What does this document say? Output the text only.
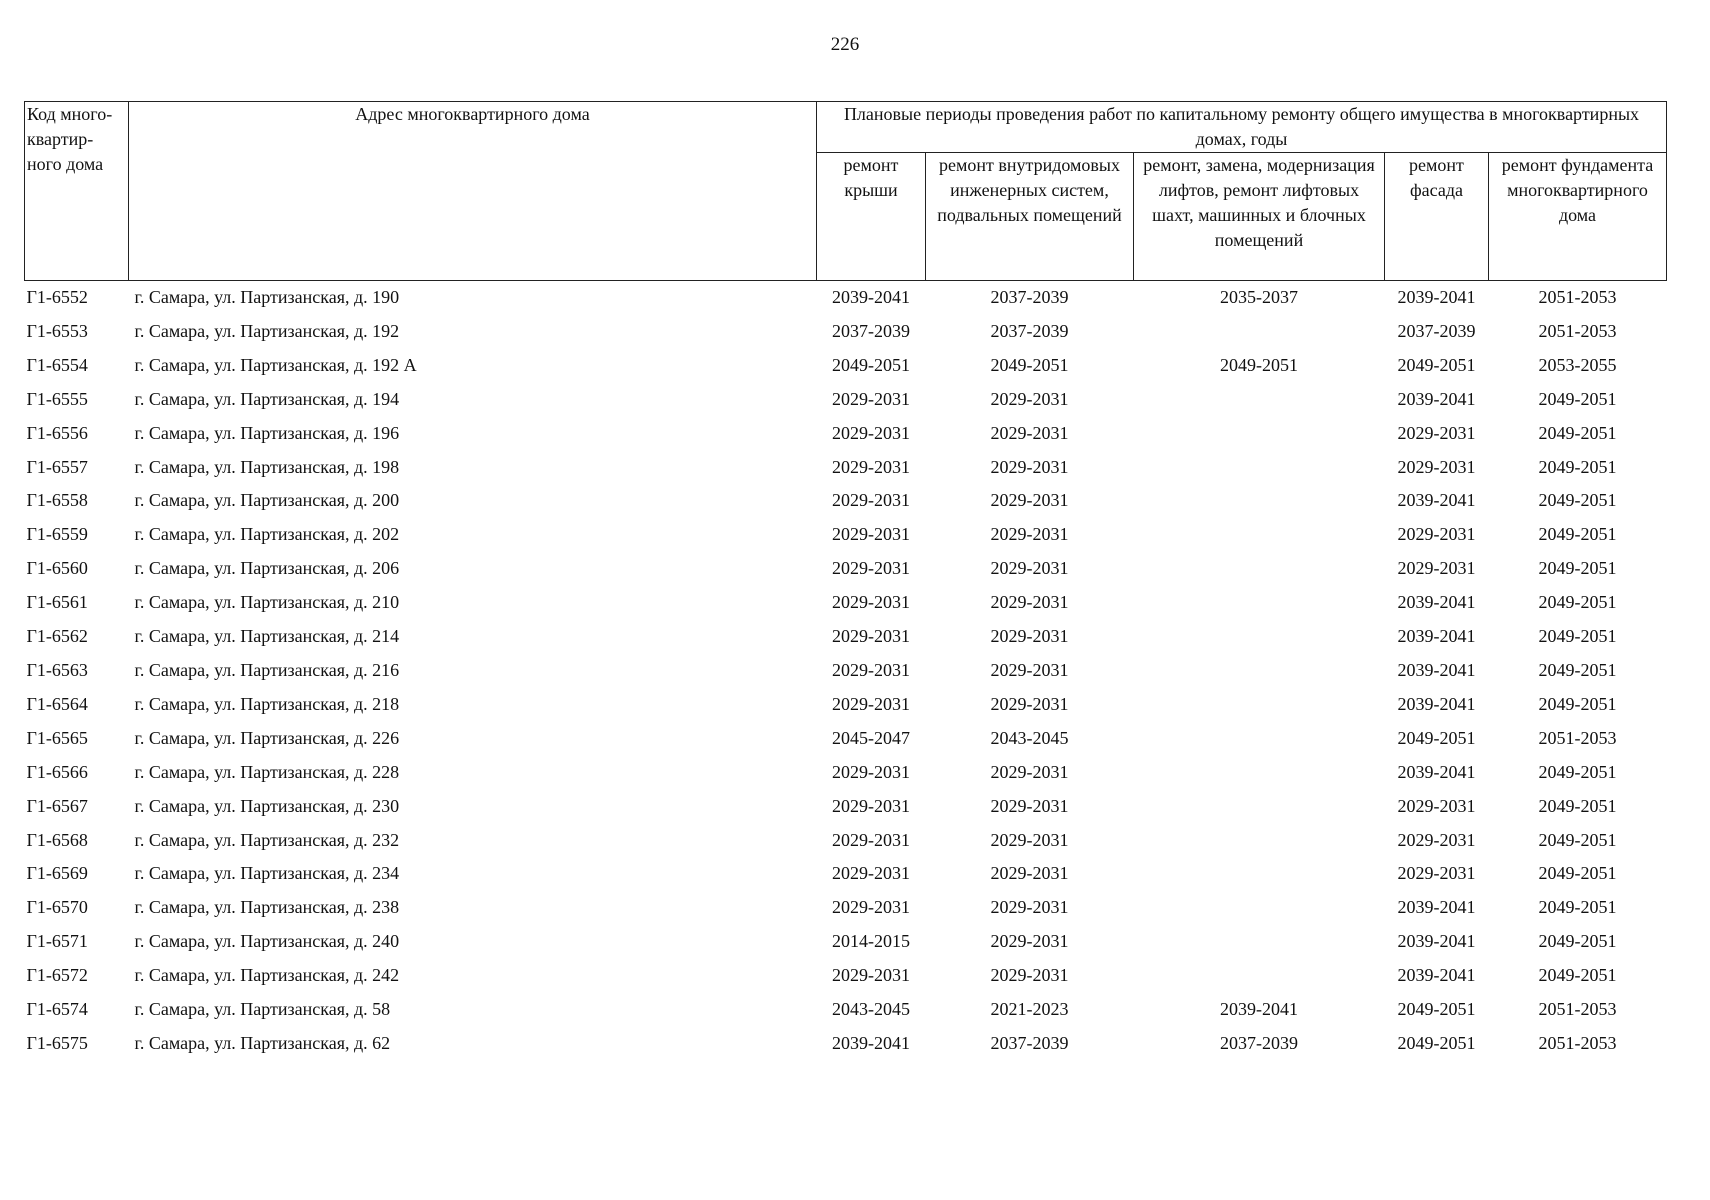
226
Код много-квартир-ного дома	Адрес многоквартирного дома	Плановые периоды проведения работ по капитальному ремонту общего имущества в многоквартирных домах, годы				
		ремонт крыши	ремонт внутридомовых инженерных систем, подвальных помещений	ремонт, замена, модернизация лифтов, ремонт лифтовых шахт, машинных и блочных помещений	ремонт фасада	ремонт фундамента многоквартирного дома
Г1-6552	г. Самара, ул. Партизанская, д. 190	2039-2041	2037-2039	2035-2037	2039-2041	2051-2053
Г1-6553	г. Самара, ул. Партизанская, д. 192	2037-2039	2037-2039		2037-2039	2051-2053
Г1-6554	г. Самара, ул. Партизанская, д. 192 А	2049-2051	2049-2051	2049-2051	2049-2051	2053-2055
Г1-6555	г. Самара, ул. Партизанская, д. 194	2029-2031	2029-2031		2039-2041	2049-2051
Г1-6556	г. Самара, ул. Партизанская, д. 196	2029-2031	2029-2031		2029-2031	2049-2051
Г1-6557	г. Самара, ул. Партизанская, д. 198	2029-2031	2029-2031		2029-2031	2049-2051
Г1-6558	г. Самара, ул. Партизанская, д. 200	2029-2031	2029-2031		2039-2041	2049-2051
Г1-6559	г. Самара, ул. Партизанская, д. 202	2029-2031	2029-2031		2029-2031	2049-2051
Г1-6560	г. Самара, ул. Партизанская, д. 206	2029-2031	2029-2031		2029-2031	2049-2051
Г1-6561	г. Самара, ул. Партизанская, д. 210	2029-2031	2029-2031		2039-2041	2049-2051
Г1-6562	г. Самара, ул. Партизанская, д. 214	2029-2031	2029-2031		2039-2041	2049-2051
Г1-6563	г. Самара, ул. Партизанская, д. 216	2029-2031	2029-2031		2039-2041	2049-2051
Г1-6564	г. Самара, ул. Партизанская, д. 218	2029-2031	2029-2031		2039-2041	2049-2051
Г1-6565	г. Самара, ул. Партизанская, д. 226	2045-2047	2043-2045		2049-2051	2051-2053
Г1-6566	г. Самара, ул. Партизанская, д. 228	2029-2031	2029-2031		2039-2041	2049-2051
Г1-6567	г. Самара, ул. Партизанская, д. 230	2029-2031	2029-2031		2029-2031	2049-2051
Г1-6568	г. Самара, ул. Партизанская, д. 232	2029-2031	2029-2031		2029-2031	2049-2051
Г1-6569	г. Самара, ул. Партизанская, д. 234	2029-2031	2029-2031		2029-2031	2049-2051
Г1-6570	г. Самара, ул. Партизанская, д. 238	2029-2031	2029-2031		2039-2041	2049-2051
Г1-6571	г. Самара, ул. Партизанская, д. 240	2014-2015	2029-2031		2039-2041	2049-2051
Г1-6572	г. Самара, ул. Партизанская, д. 242	2029-2031	2029-2031		2039-2041	2049-2051
Г1-6574	г. Самара, ул. Партизанская, д. 58	2043-2045	2021-2023	2039-2041	2049-2051	2051-2053
Г1-6575	г. Самара, ул. Партизанская, д. 62	2039-2041	2037-2039	2037-2039	2049-2051	2051-2053
